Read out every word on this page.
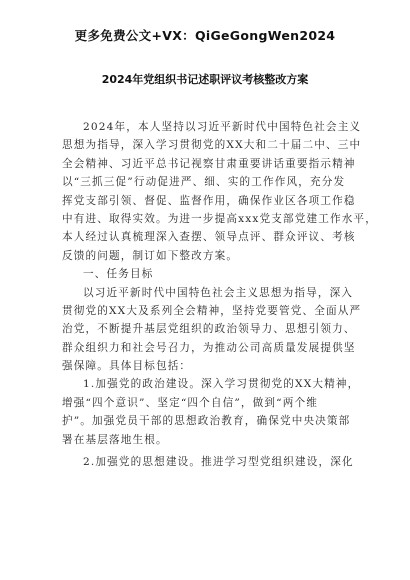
更多免费公文+VX：QiGeGongWen2024
2024年党组织书记述职评议考核整改方案
2024年，本人坚持以习近平新时代中国特色社会主义
思想为指导，深入学习贯彻党的XX大和二十届二中、三中
全会精神、习近平总书记视察甘肃重要讲话重要指示精神
以“三抓三促”行动促进严、细、实的工作作风，充分发
挥党支部引领、督促、监督作用，确保作业区各项工作稳
中有进、取得实效。为进一步提高xxx党支部党建工作水平，
本人经过认真梳理深入查摆、领导点评、群众评议、考核
反馈的问题，制订如下整改方案。
一、任务目标
以习近平新时代中国特色社会主义思想为指导，深入
贯彻党的XX大及系列全会精神，坚持党要管党、全面从严
治党，不断提升基层党组织的政治领导力、思想引领力、
群众组织力和社会号召力，为推动公司高质量发展提供坚
强保障。具体目标包括：
1.加强党的政治建设。深入学习贯彻党的XX大精神，
增强“四个意识”、坚定“四个自信”，做到“两个维
护”。加强党员干部的思想政治教育，确保党中央决策部
署在基层落地生根。
2.加强党的思想建设。推进学习型党组织建设，深化
